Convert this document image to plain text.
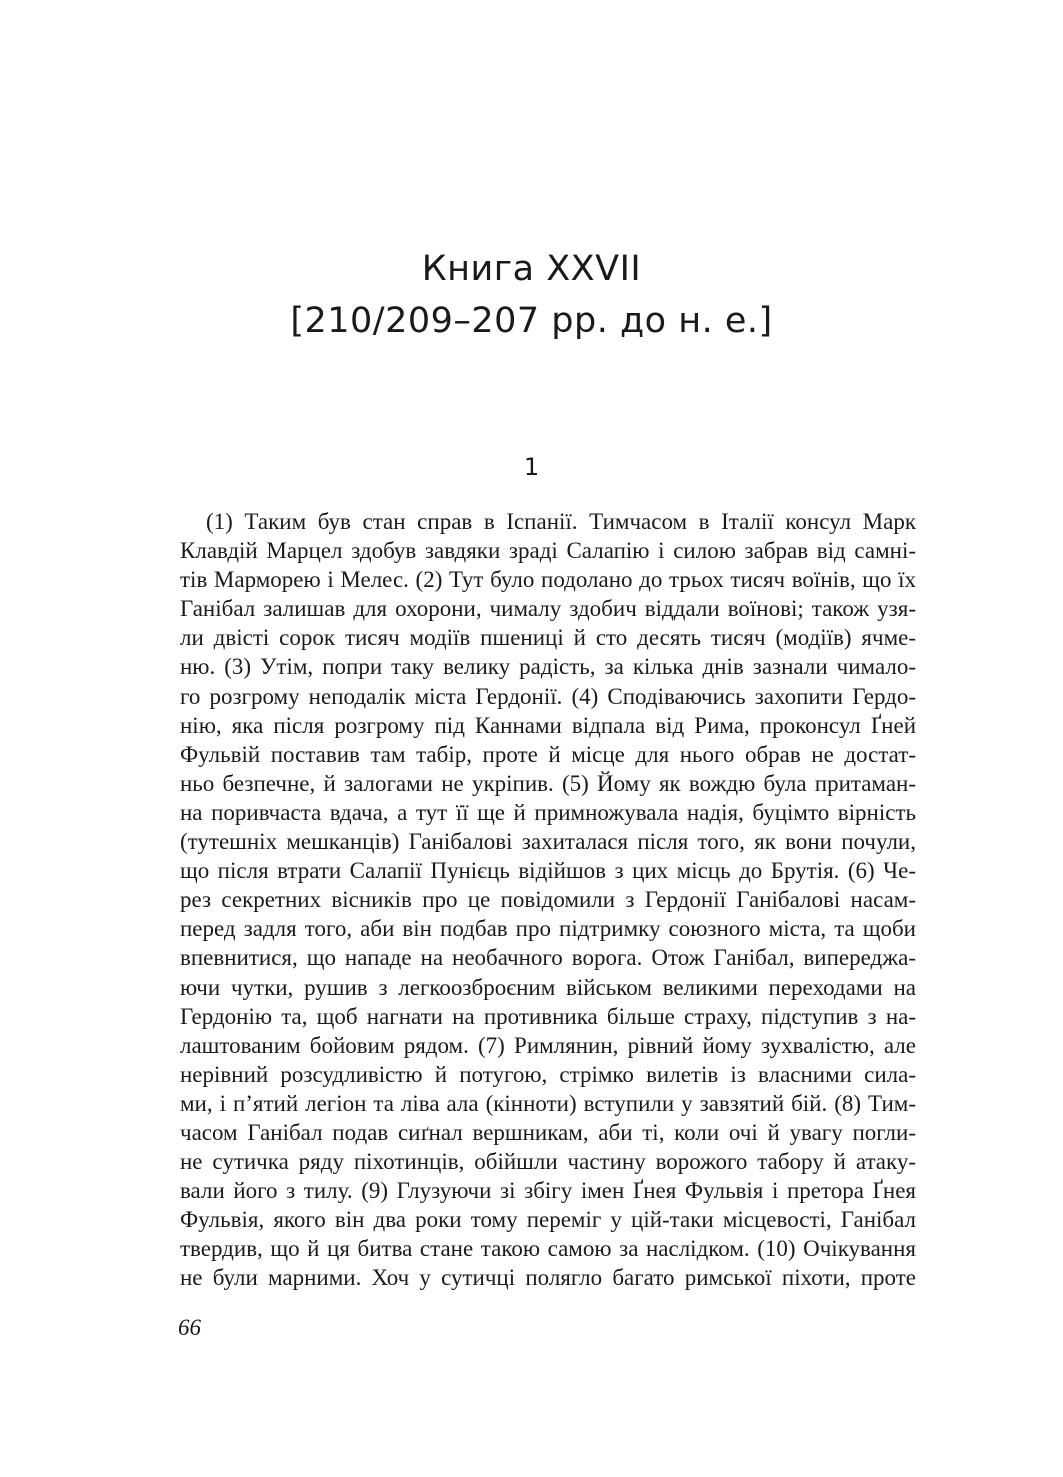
Книга XXVII
[210/209–207 рр. до н. е.]
1
(1) Таким був стан справ в Іспанії. Тимчасом в Італії консул Марк
Клавдій Марцел здобув завдяки зраді Салапію і силою забрав від самні-
тів Марморею і Мелес. (2) Тут було подолано до трьох тисяч воїнів, що їх
Ганібал залишав для охорони, чималу здобич віддали воїнові; також узя-
ли двісті сорок тисяч модіїв пшениці й сто десять тисяч (модіїв) ячме-
ню. (3) Утім, попри таку велику радість, за кілька днів зазнали чимало-
го розгрому неподалік міста Гердонії. (4) Сподіваючись захопити Гердо-
нію, яка після розгрому під Каннами відпала від Рима, проконсул Ґней
Фульвій поставив там табір, проте й місце для нього обрав не достат-
ньо безпечне, й залогами не укріпив. (5) Йому як вождю була притаман-
на поривчаста вдача, а тут її ще й примножувала надія, буцімто вірність
(тутешніх мешканців) Ганібалові захиталася після того, як вони почули,
що після втрати Салапії Пунієць відійшов з цих місць до Брутія. (6) Че-
рез секретних вісників про це повідомили з Гердонії Ганібалові насам-
перед задля того, аби він подбав про підтримку союзного міста, та щоби
впевнитися, що нападе на необачного ворога. Отож Ганібал, випереджа-
ючи чутки, рушив з легкоозброєним військом великими переходами на
Гердонію та, щоб нагнати на противника більше страху, підступив з на-
лаштованим бойовим рядом. (7) Римлянин, рівний йому зухвалістю, але
нерівний розсудливістю й потугою, стрімко вилетів із власними сила-
ми, і п’ятий легіон та ліва ала (кінноти) вступили у завзятий бій. (8) Тим-
часом Ганібал подав сиґнал вершникам, аби ті, коли очі й увагу погли-
не сутичка ряду піхотинців, обійшли частину ворожого табору й атаку-
вали його з тилу. (9) Глузуючи зі збігу імен Ґнея Фульвія і претора Ґнея
Фульвія, якого він два роки тому переміг у цій-таки місцевості, Ганібал
твердив, що й ця битва стане такою самою за наслідком. (10) Очікування
не були марними. Хоч у сутичці полягло багато римської піхоти, проте
66
